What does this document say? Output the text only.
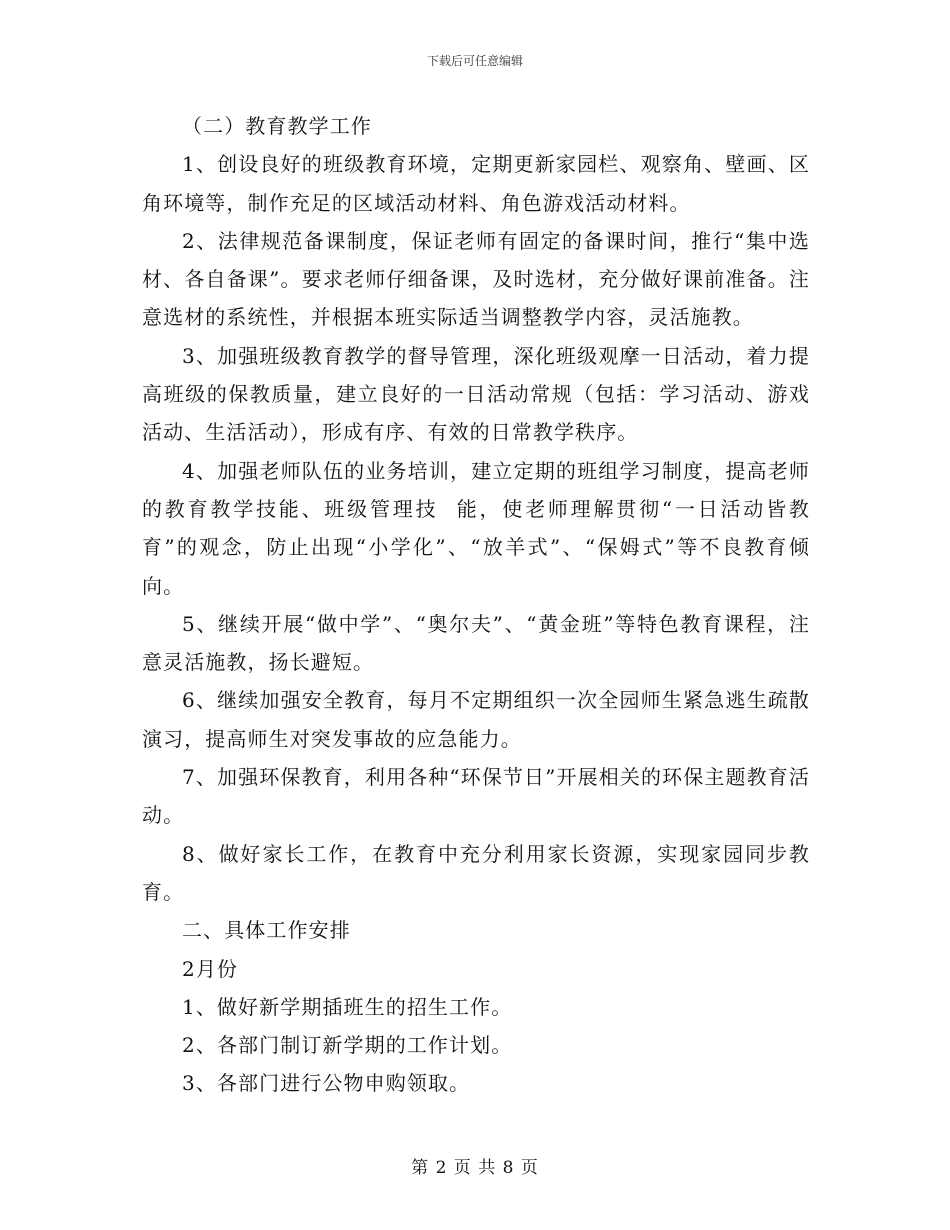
下载后可任意编辑

（二）教育教学工作

1、创设良好的班级教育环境，定期更新家园栏、观察角、壁画、区角环境等，制作充足的区域活动材料、角色游戏活动材料。

2、法律规范备课制度，保证老师有固定的备课时间，推行“集中选材、各自备课”。要求老师仔细备课，及时选材，充分做好课前准备。注意选材的系统性，并根据本班实际适当调整教学内容，灵活施教。

3、加强班级教育教学的督导管理，深化班级观摩一日活动，着力提高班级的保教质量，建立良好的一日活动常规（包括：学习活动、游戏活动、生活活动），形成有序、有效的日常教学秩序。

4、加强老师队伍的业务培训，建立定期的班组学习制度，提高老师的教育教学技能、班级管理技  能，使老师理解贯彻“一日活动皆教育”的观念，防止出现“小学化”、“放羊式”、“保姆式”等不良教育倾向。

5、继续开展“做中学”、“奥尔夫”、“黄金班”等特色教育课程，注意灵活施教，扬长避短。

6、继续加强安全教育，每月不定期组织一次全园师生紧急逃生疏散演习，提高师生对突发事故的应急能力。

7、加强环保教育，利用各种“环保节日”开展相关的环保主题教育活动。

8、做好家长工作，在教育中充分利用家长资源，实现家园同步教育。

二、具体工作安排

2月份

1、做好新学期插班生的招生工作。

2、各部门制订新学期的工作计划。

3、各部门进行公物申购领取。

第 2 页 共 8 页
